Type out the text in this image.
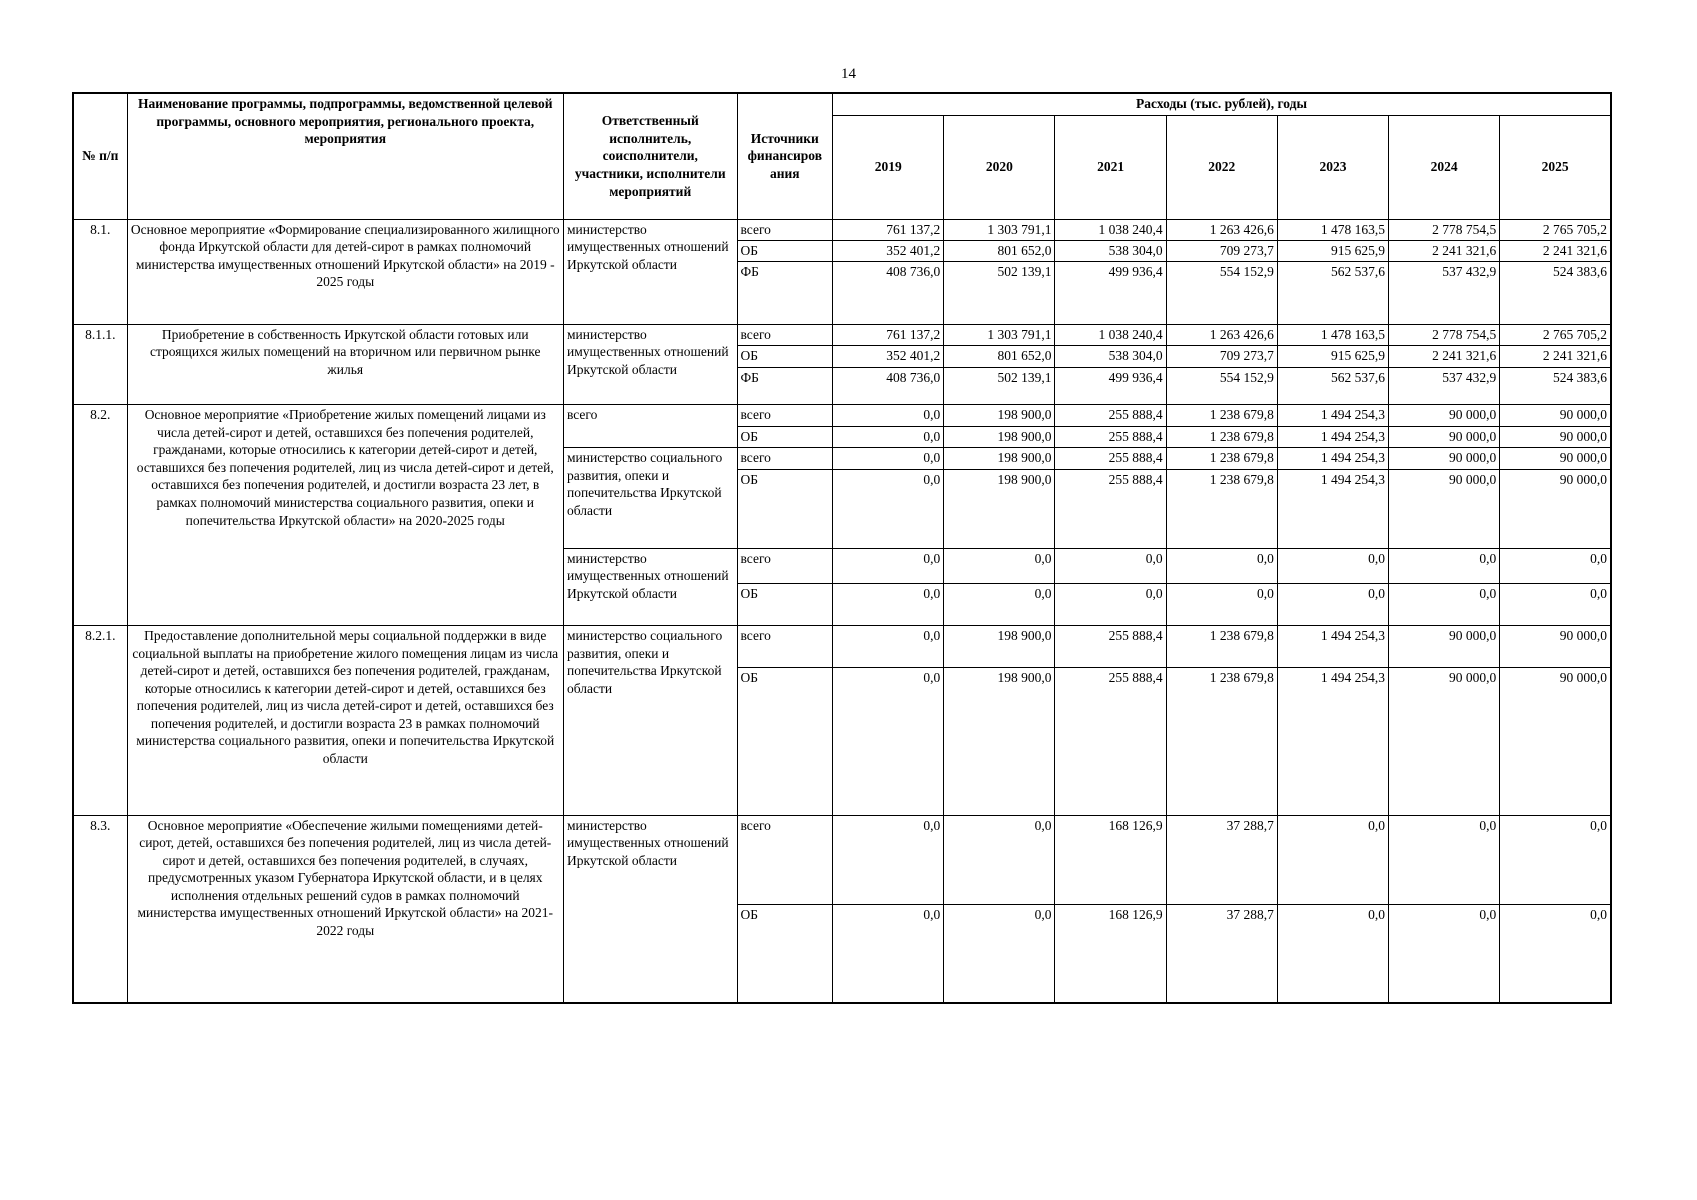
14
№ п/п	Наименование программы, подпрограммы, ведомственной целевой программы, основного мероприятия, регионального проекта, мероприятия	Ответственный исполнитель, соисполнители, участники, исполнители мероприятий	Источники финансиров ания	Расходы (тыс. рублей), годы						
				2019	2020	2021	2022	2023	2024	2025
8.1.	Основное мероприятие «Формирование специализированного жилищного фонда Иркутской области для детей-сирот в рамках полномочий министерства имущественных отношений Иркутской области» на 2019 - 2025 годы	министерство имущественных отношений Иркутской области	всего	761 137,2	1 303 791,1	1 038 240,4	1 263 426,6	1 478 163,5	2 778 754,5	2 765 705,2
			ОБ	352 401,2	801 652,0	538 304,0	709 273,7	915 625,9	2 241 321,6	2 241 321,6
			ФБ	408 736,0	502 139,1	499 936,4	554 152,9	562 537,6	537 432,9	524 383,6
8.1.1.	Приобретение в собственность Иркутской области готовых или строящихся жилых помещений на вторичном или первичном рынке жилья	министерство имущественных отношений Иркутской области	всего	761 137,2	1 303 791,1	1 038 240,4	1 263 426,6	1 478 163,5	2 778 754,5	2 765 705,2
			ОБ	352 401,2	801 652,0	538 304,0	709 273,7	915 625,9	2 241 321,6	2 241 321,6
			ФБ	408 736,0	502 139,1	499 936,4	554 152,9	562 537,6	537 432,9	524 383,6
8.2.	Основное мероприятие «Приобретение жилых помещений лицами из числа детей-сирот и детей, оставшихся без попечения родителей, гражданами, которые относились к категории детей-сирот и детей, оставшихся без попечения родителей, лиц из числа детей-сирот и детей, оставшихся без попечения родителей, и достигли возраста 23 лет, в рамках полномочий министерства социального развития, опеки и попечительства Иркутской области» на 2020-2025 годы	всего	всего	0,0	198 900,0	255 888,4	1 238 679,8	1 494 254,3	90 000,0	90 000,0
			ОБ	0,0	198 900,0	255 888,4	1 238 679,8	1 494 254,3	90 000,0	90 000,0
		министерство социального развития, опеки и попечительства Иркутской области	всего	0,0	198 900,0	255 888,4	1 238 679,8	1 494 254,3	90 000,0	90 000,0
			ОБ	0,0	198 900,0	255 888,4	1 238 679,8	1 494 254,3	90 000,0	90 000,0
		министерство имущественных отношений Иркутской области	всего	0,0	0,0	0,0	0,0	0,0	0,0	0,0
			ОБ	0,0	0,0	0,0	0,0	0,0	0,0	0,0
8.2.1.	Предоставление дополнительной меры социальной поддержки в виде социальной выплаты на приобретение жилого помещения лицам из числа детей-сирот и детей, оставшихся без попечения родителей, гражданам, которые относились к категории детей-сирот и детей, оставшихся без попечения родителей, лиц из числа детей-сирот и детей, оставшихся без попечения родителей, и достигли возраста 23 в рамках полномочий министерства социального развития, опеки и попечительства Иркутской области	министерство социального развития, опеки и попечительства Иркутской области	всего	0,0	198 900,0	255 888,4	1 238 679,8	1 494 254,3	90 000,0	90 000,0
			ОБ	0,0	198 900,0	255 888,4	1 238 679,8	1 494 254,3	90 000,0	90 000,0
8.3.	Основное мероприятие «Обеспечение жилыми помещениями детей-сирот, детей, оставшихся без попечения родителей, лиц из числа детей-сирот и детей, оставшихся без попечения родителей, в случаях, предусмотренных указом Губернатора Иркутской области, и в целях исполнения отдельных решений судов в рамках полномочий министерства имущественных отношений Иркутской области» на 2021-2022 годы	министерство имущественных отношений Иркутской области	всего	0,0	0,0	168 126,9	37 288,7	0,0	0,0	0,0
			ОБ	0,0	0,0	168 126,9	37 288,7	0,0	0,0	0,0
